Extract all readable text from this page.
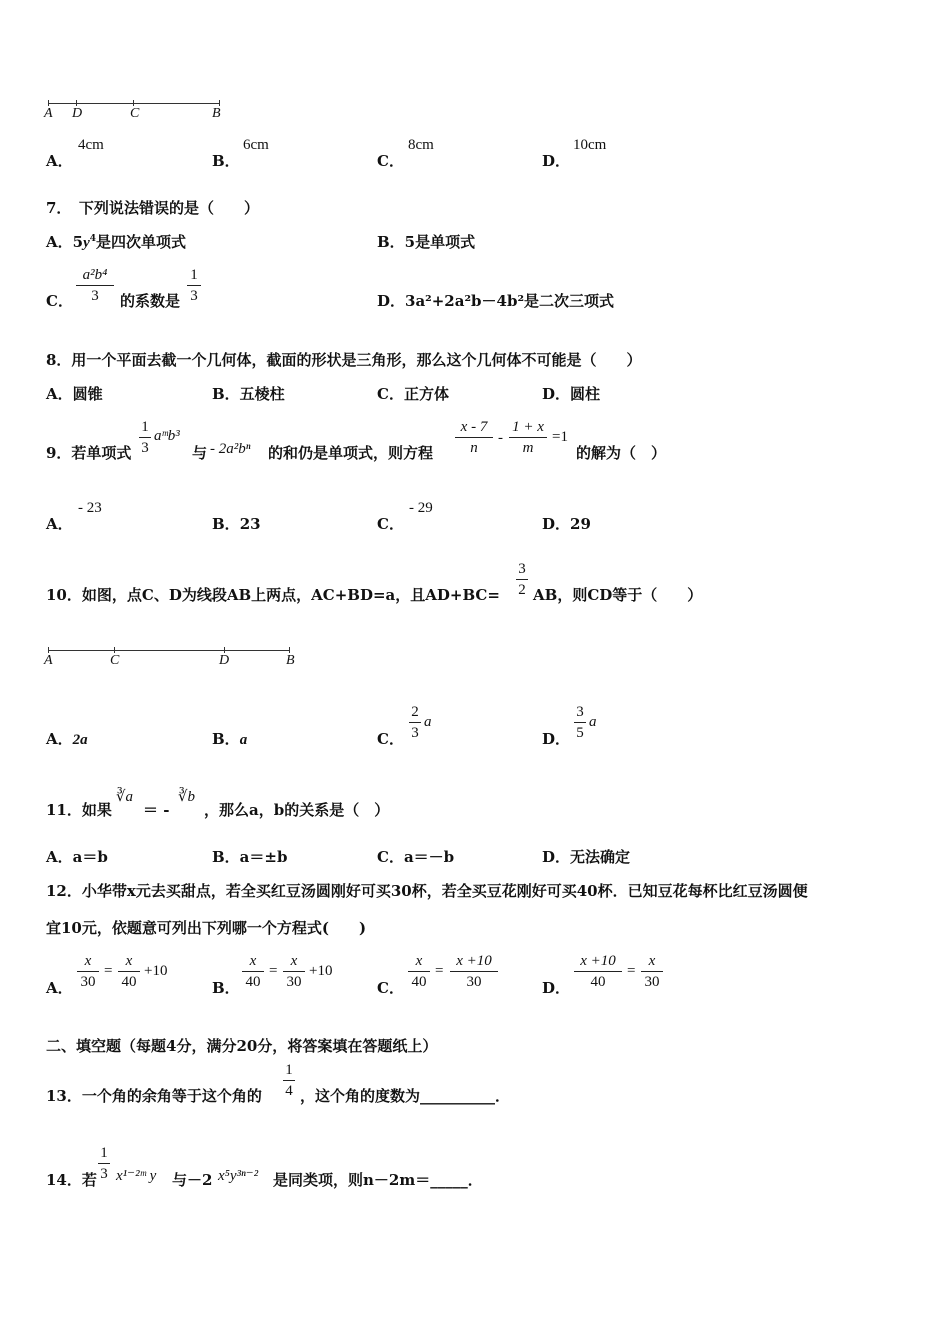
A D	C	B
A．
4cm
B．
6cm
C．
8cm
D．
10cm
7．　下列说法错误的是（　　）
A．$5y^4$是四次单项式	B．5是单项式
C．
a²b⁴
3	的系数是
1
3	D．3a²+2a²b－4b²是二次三项式
8．用一个平面去截一个几何体，截面的形状是三角形，那么这个几何体不可能是（　　）
A．圆锥	B．五棱柱	C．正方体	D．圆柱
9．若单项式
1
3
aᵐb³
与 - 2a²bⁿ 的和仍是单项式，则方程
x - 7
n
-
1 + x
m
=1
的解为（　）
A．
- 23
B．23	C．
- 29
D．29
10．如图，点C、D为线段AB上两点，AC+BD=a，且AD+BC=
3
2 AB，则CD等于（　　）
A	C	D	B
A．2a	B．a	C．
2
3
a
D．
3
5
a
11．如果
∛a
＝ -
∛b
，那么a，b的关系是（　）
A．a＝b	B．a＝±b	C．a＝－b	D．无法确定
12．小华带x元去买甜点，若全买红豆汤圆刚好可买30杯，若全买豆花刚好可买40杯．已知豆花每杯比红豆汤圆便
宜10元，依题意可列出下列哪一个方程式(　　)
A．
x
30
=
x
40
+10
B．
x
40
=
x
30
+10
C．
x
40
=
x +10
30	D．
x +10
40
=
x
30
二、填空题（每题4分，满分20分，将答案填在答题纸上）
13．一个角的余角等于这个角的
1
4 ，这个角的度数为__________．
14．若
1
3 x¹⁻²ᵐ y 与－2 x⁵y³ⁿ⁻² 是同类项，则n－2m＝_____．
